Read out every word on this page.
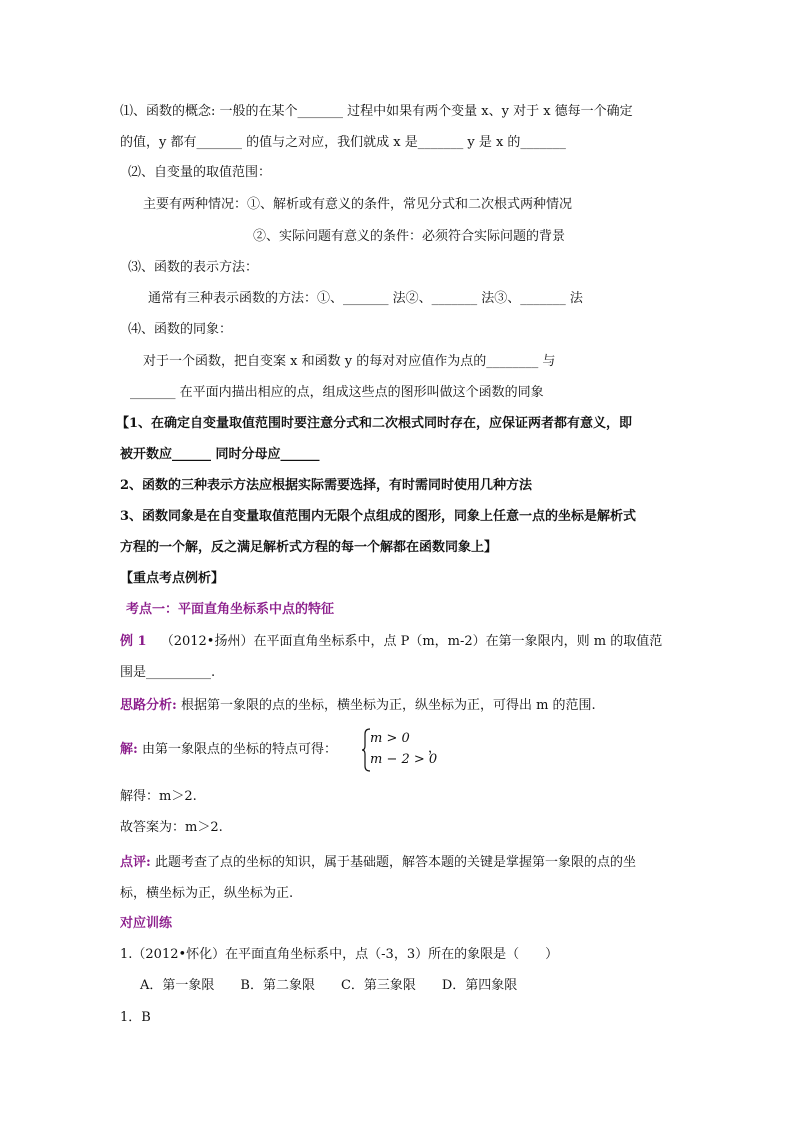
⑴、函数的概念: 一般的在某个_______ 过程中如果有两个变量 x、y 对于 x 德每一个确定
的值，y 都有_______ 的值与之对应，我们就成 x 是_______ y 是 x 的_______
⑵、自变量的取值范围：
主要有两种情况：①、解析或有意义的条件，常见分式和二次根式两种情况
②、实际问题有意义的条件：必须符合实际问题的背景
⑶、函数的表示方法：
通常有三种表示函数的方法：①、_______ 法②、_______ 法③、_______ 法
⑷、函数的同象：
对于一个函数，把自变案 x 和函数 y 的每对对应值作为点的________ 与
_______ 在平面内描出相应的点，组成这些点的图形叫做这个函数的同象
【1、在确定自变量取值范围时要注意分式和二次根式同时存在，应保证两者都有意义，即
被开数应______ 同时分母应______
2、函数的三种表示方法应根据实际需要选择，有时需同时使用几种方法
3、函数同象是在自变量取值范围内无限个点组成的图形，同象上任意一点的坐标是解析式
方程的一个解，反之满足解析式方程的每一个解都在函数同象上】
【重点考点例析】
考点一：平面直角坐标系中点的特征
例 1 （2012•扬州）在平面直角坐标系中，点 P（m，m-2）在第一象限内，则 m 的取值范
围是__________.
思路分析: 根据第一象限的点的坐标，横坐标为正，纵坐标为正，可得出 m 的范围.
解: 由第一象限点的坐标的特点可得：
m > 0
m − 2 > 0
，
解得：m＞2.
故答案为：m＞2.
点评: 此题考查了点的坐标的知识，属于基础题，解答本题的关键是掌握第一象限的点的坐
标，横坐标为正，纵坐标为正.
对应训练
1.（2012•怀化）在平面直角坐标系中，点（-3，3）所在的象限是（　　）
A．第一象限　　B．第二象限　　C．第三象限　　D．第四象限
1．B
